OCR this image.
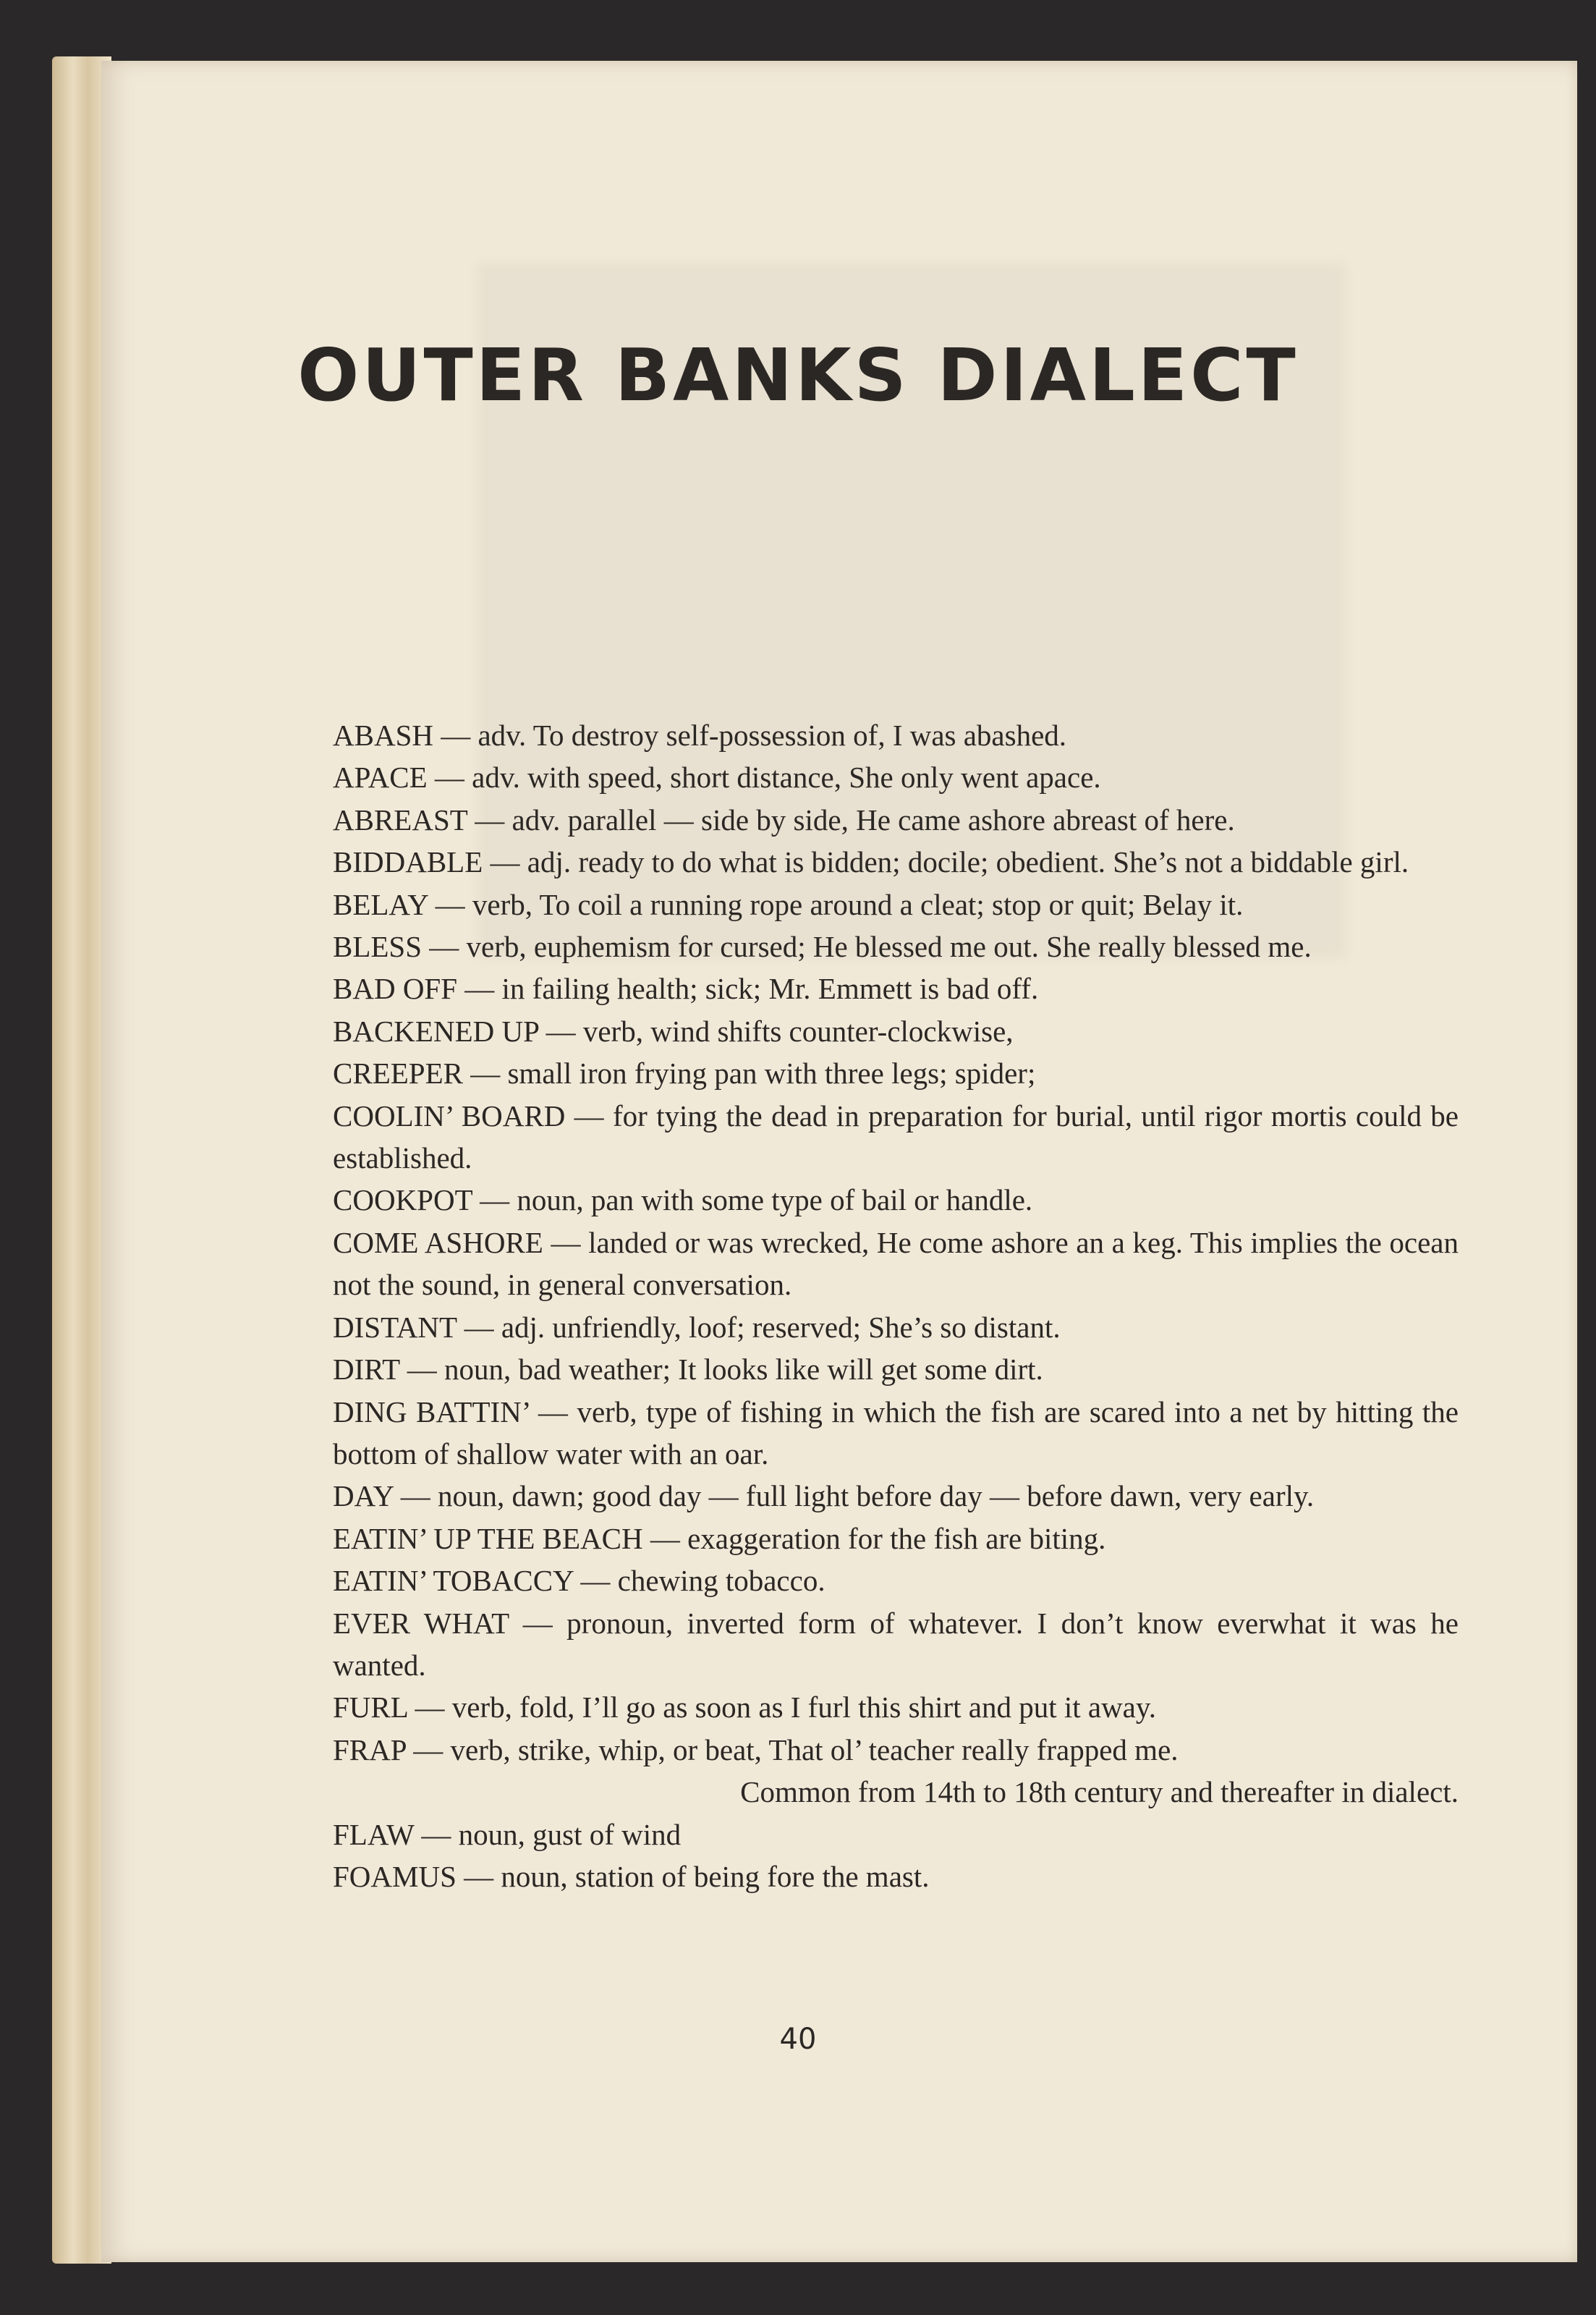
OUTER BANKS DIALECT
ABASH — adv. To destroy self-possession of, I was abashed.
APACE — adv. with speed, short distance, She only went apace.
ABREAST — adv. parallel — side by side, He came ashore abreast of here.
BIDDABLE — adj. ready to do what is bidden; docile; obedient. She’s not a biddable girl.
BELAY — verb, To coil a running rope around a cleat; stop or quit; Belay it.
BLESS — verb, euphemism for cursed; He blessed me out. She really blessed me.
BAD OFF — in failing health; sick; Mr. Emmett is bad off.
BACKENED UP — verb, wind shifts counter-clockwise,
CREEPER — small iron frying pan with three legs; spider;
COOLIN’ BOARD — for tying the dead in preparation for burial, until rigor mortis could be established.
COOKPOT — noun, pan with some type of bail or handle.
COME ASHORE — landed or was wrecked, He come ashore an a keg. This implies the ocean not the sound, in general conversation.
DISTANT — adj. unfriendly, loof; reserved; She’s so distant.
DIRT — noun, bad weather; It looks like will get some dirt.
DING BATTIN’ — verb, type of fishing in which the fish are scared into a net by hitting the bottom of shallow water with an oar.
DAY — noun, dawn; good day — full light before day — before dawn, very early.
EATIN’ UP THE BEACH — exaggeration for the fish are biting.
EATIN’ TOBACCY — chewing tobacco.
EVER WHAT — pronoun, inverted form of whatever. I don’t know everwhat it was he wanted.
FURL — verb, fold, I’ll go as soon as I furl this shirt and put it away.
FRAP — verb, strike, whip, or beat, That ol’ teacher really frapped me.
Common from 14th to 18th century and thereafter in dialect.
FLAW — noun, gust of wind
FOAMUS — noun, station of being fore the mast.
40
